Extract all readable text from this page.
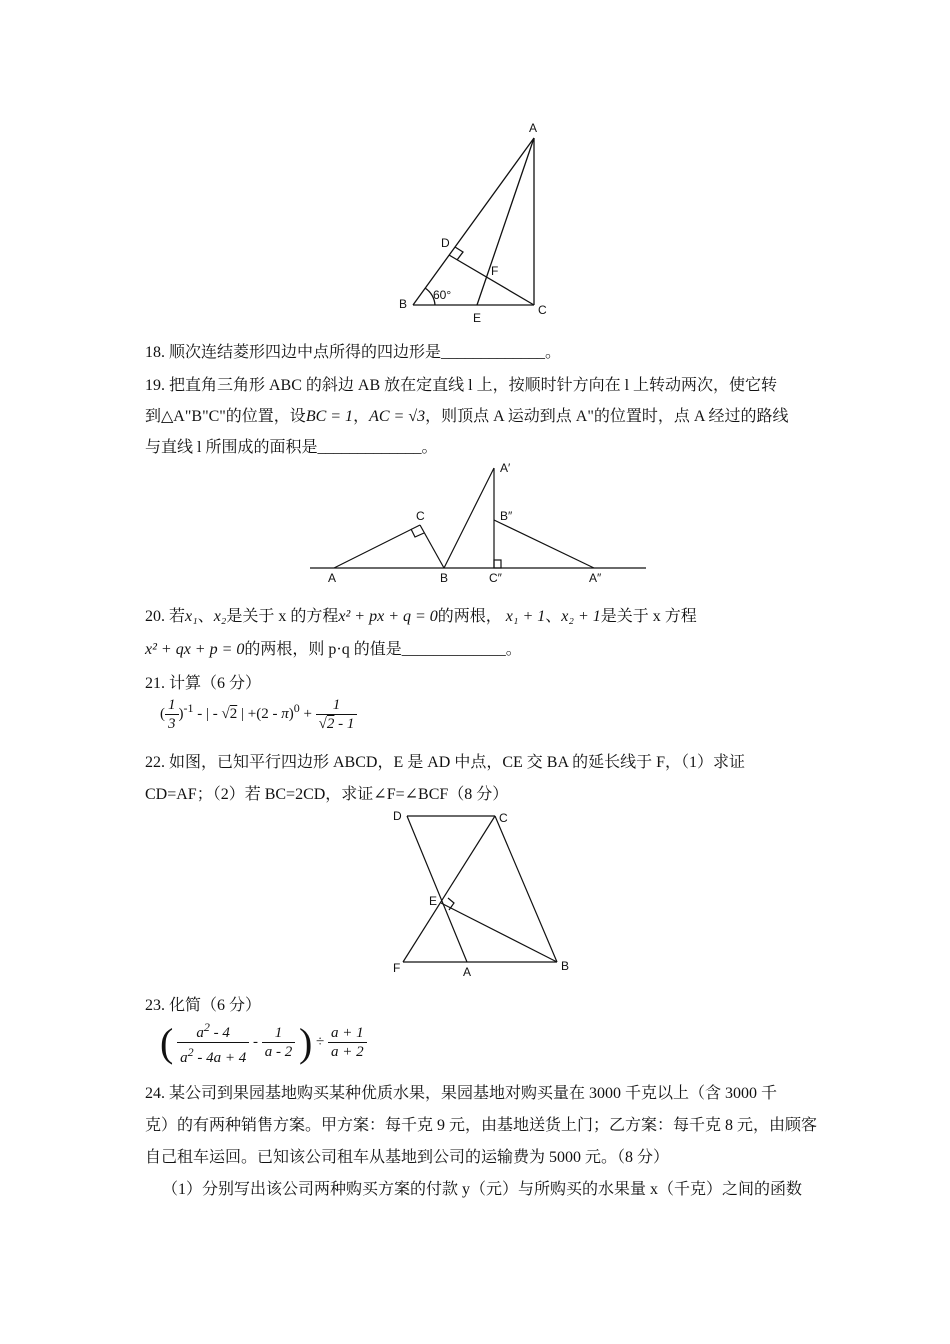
A
B	C
D
E
F
60°
18. 顺次连结菱形四边中点所得的四边形是_____________。
19. 把直角三角形 ABC 的斜边 AB 放在定直线 l 上，按顺时针方向在 l 上转动两次，使它转
到△A"B"C"的位置，设BC = 1，AC = √3，则顶点 A 运动到点 A"的位置时，点 A 经过的路线
与直线 l 所围成的面积是_____________。
A
C
B
A′
B″
C″	A″
20. 若x₁、x₂是关于 x 的方程x² + px + q = 0的两根， x₁ + 1、x₂ + 1是关于 x 方程
x² + qx + p = 0的两根，则 p·q 的值是_____________。
21. 计算（6 分）
( $\frac{1}{3} )^{-1}$ - | - √2 | $+(2 - \pi)^0 + \frac{1}{√2 - 1}$
22. 如图，已知平行四边形 ABCD，E 是 AD 中点，CE 交 BA 的延长线于 F，（1）求证
CD=AF；（2）若 BC=2CD，求证∠F=∠BCF（8 分）
D	C
E
F	A	B
23. 化简（6 分）
( $\frac{a^2 - 4}{a^2 - 4a + 4} - \frac{1}{a - 2}$ ) ÷ $\frac{a + 1}{a + 2}$
24. 某公司到果园基地购买某种优质水果，果园基地对购买量在 3000 千克以上（含 3000 千
克）的有两种销售方案。甲方案：每千克 9 元，由基地送货上门；乙方案：每千克 8 元，由顾客
自己租车运回。已知该公司租车从基地到公司的运输费为 5000 元。（8 分）
（1）分别写出该公司两种购买方案的付款 y（元）与所购买的水果量 x（千克）之间的函数
